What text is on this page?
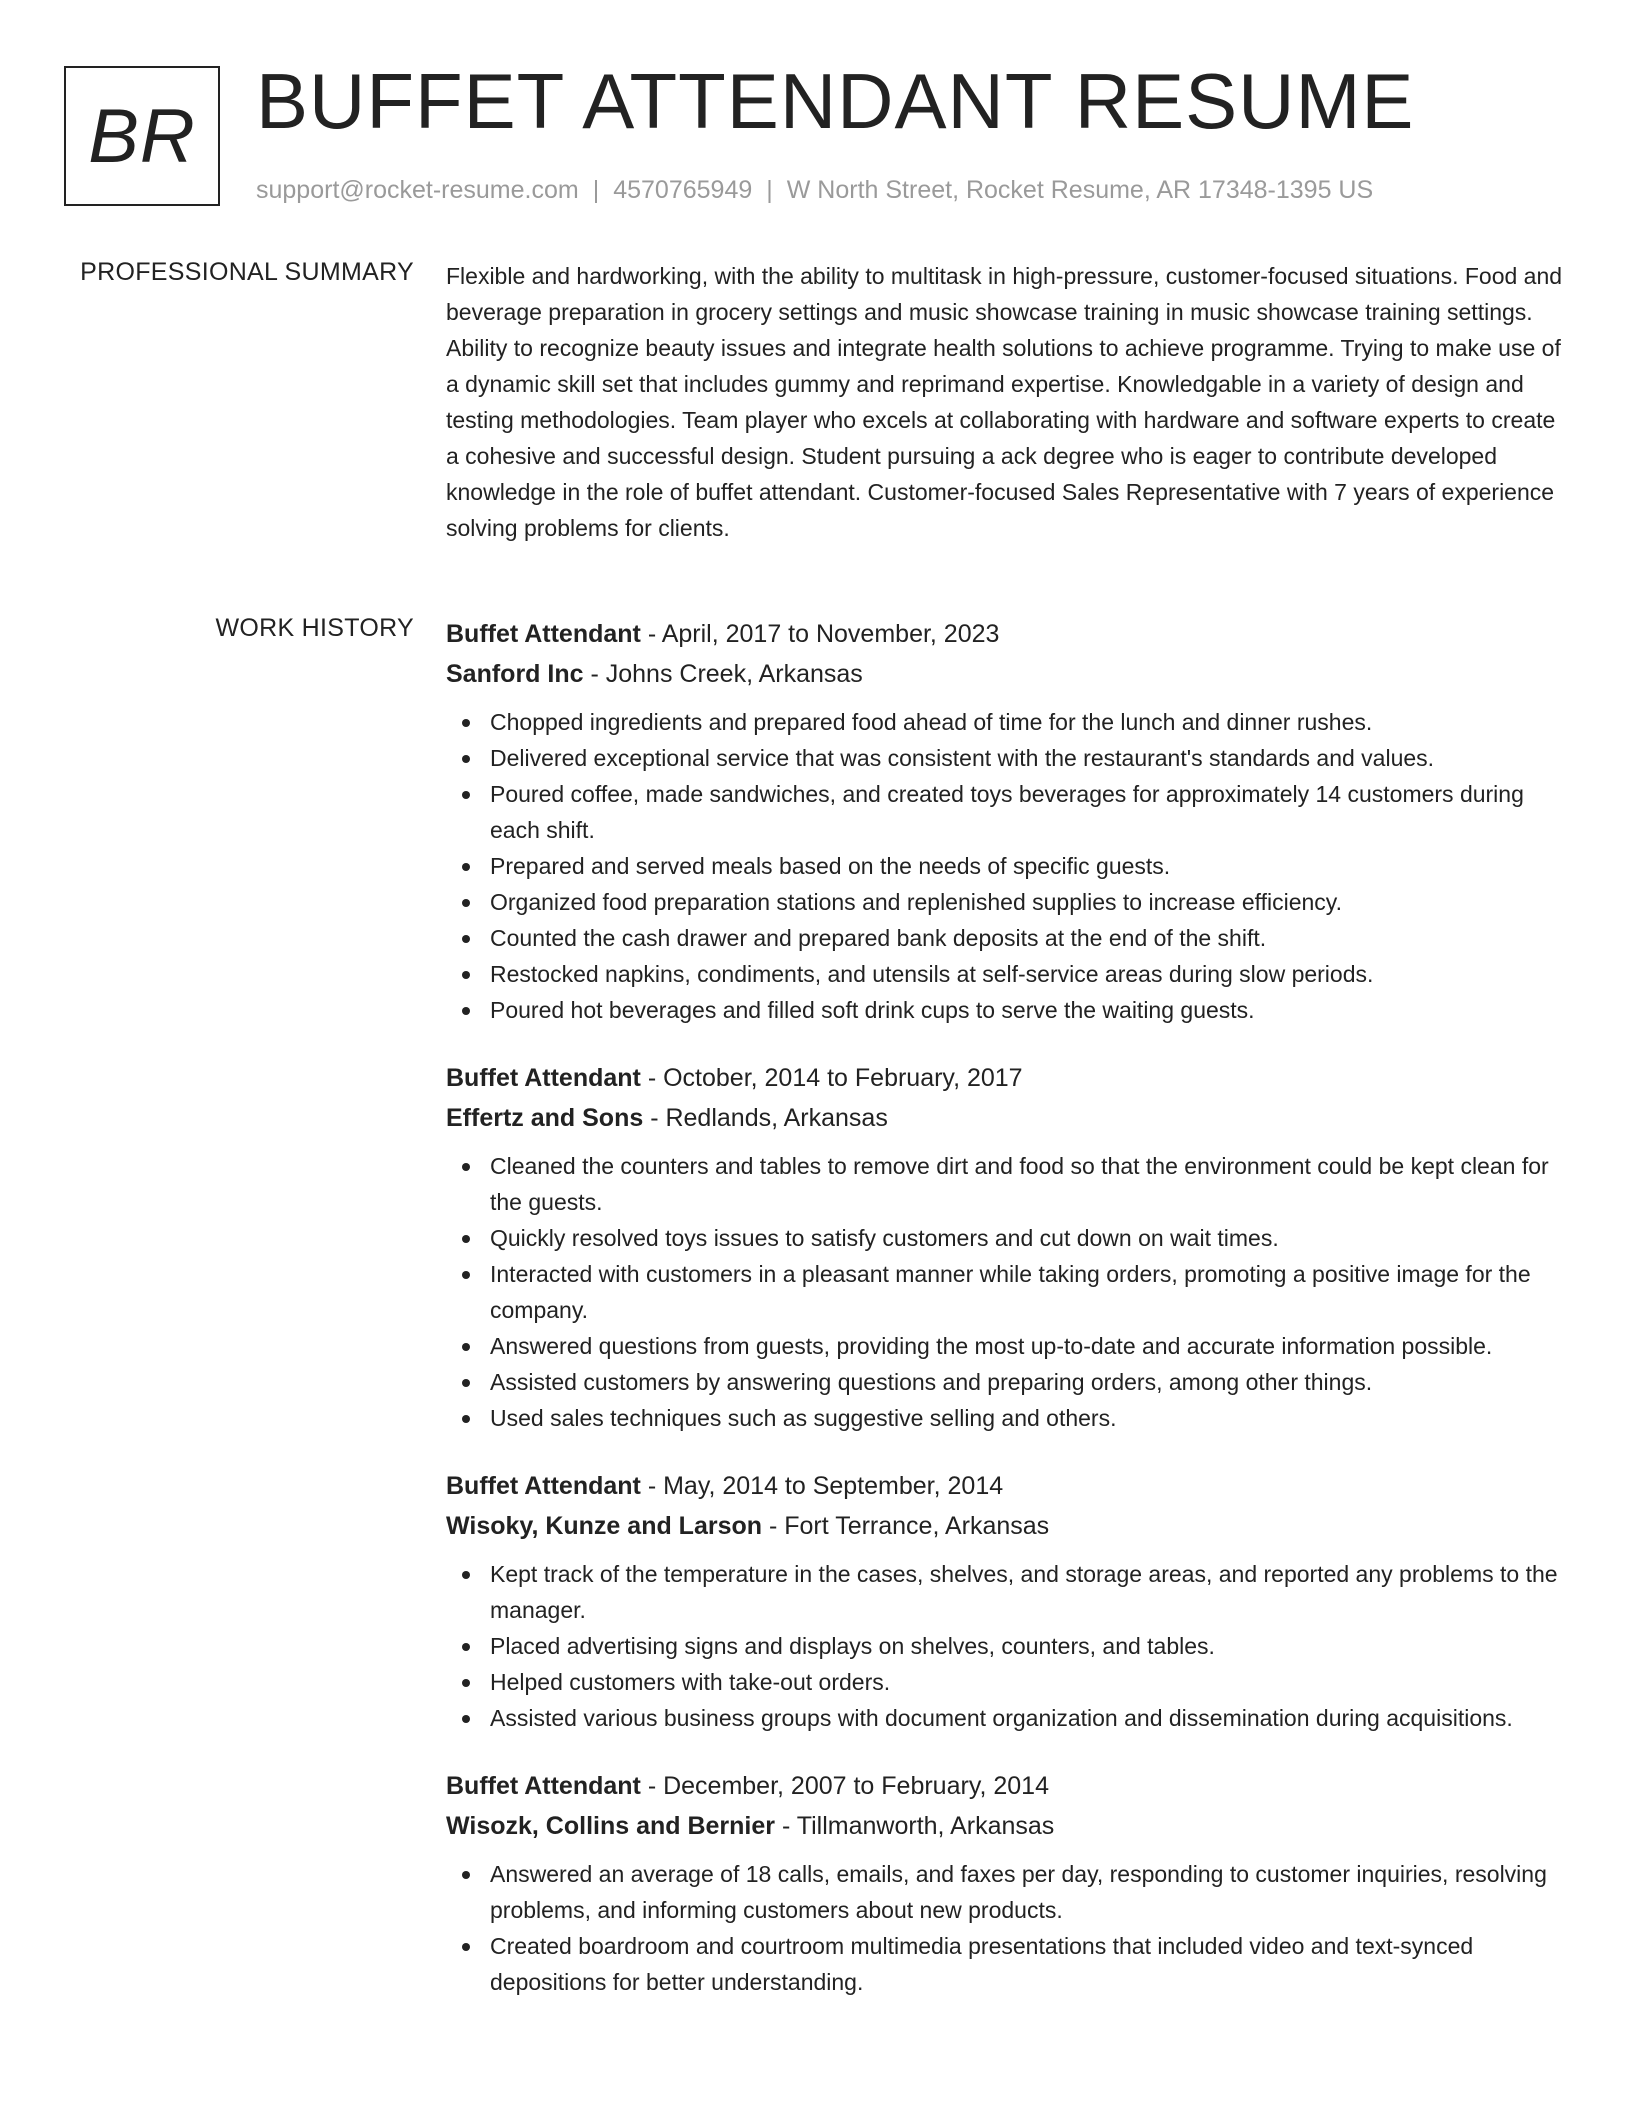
BR BUFFET ATTENDANT RESUME
support@rocket-resume.com | 4570765949 | W North Street, Rocket Resume, AR 17348-1395 US
PROFESSIONAL SUMMARY Flexible and hardworking, with the ability to multitask in high-pressure, customer-focused situations. Food and beverage preparation in grocery settings and music showcase training in music showcase training settings. Ability to recognize beauty issues and integrate health solutions to achieve programme. Trying to make use of a dynamic skill set that includes gummy and reprimand expertise. Knowledgable in a variety of design and testing methodologies. Team player who excels at collaborating with hardware and software experts to create a cohesive and successful design. Student pursuing a ack degree who is eager to contribute developed knowledge in the role of buffet attendant. Customer-focused Sales Representative with 7 years of experience solving problems for clients.
WORK HISTORY Buffet Attendant - April, 2017 to November, 2023
Sanford Inc - Johns Creek, Arkansas
Chopped ingredients and prepared food ahead of time for the lunch and dinner rushes.
Delivered exceptional service that was consistent with the restaurant's standards and values.
Poured coffee, made sandwiches, and created toys beverages for approximately 14 customers during each shift.
Prepared and served meals based on the needs of specific guests.
Organized food preparation stations and replenished supplies to increase efficiency.
Counted the cash drawer and prepared bank deposits at the end of the shift.
Restocked napkins, condiments, and utensils at self-service areas during slow periods.
Poured hot beverages and filled soft drink cups to serve the waiting guests.
Buffet Attendant - October, 2014 to February, 2017
Effertz and Sons - Redlands, Arkansas
Cleaned the counters and tables to remove dirt and food so that the environment could be kept clean for the guests.
Quickly resolved toys issues to satisfy customers and cut down on wait times.
Interacted with customers in a pleasant manner while taking orders, promoting a positive image for the company.
Answered questions from guests, providing the most up-to-date and accurate information possible.
Assisted customers by answering questions and preparing orders, among other things.
Used sales techniques such as suggestive selling and others.
Buffet Attendant - May, 2014 to September, 2014
Wisoky, Kunze and Larson - Fort Terrance, Arkansas
Kept track of the temperature in the cases, shelves, and storage areas, and reported any problems to the manager.
Placed advertising signs and displays on shelves, counters, and tables.
Helped customers with take-out orders.
Assisted various business groups with document organization and dissemination during acquisitions.
Buffet Attendant - December, 2007 to February, 2014
Wisozk, Collins and Bernier - Tillmanworth, Arkansas
Answered an average of 18 calls, emails, and faxes per day, responding to customer inquiries, resolving problems, and informing customers about new products.
Created boardroom and courtroom multimedia presentations that included video and text-synced depositions for better understanding.
